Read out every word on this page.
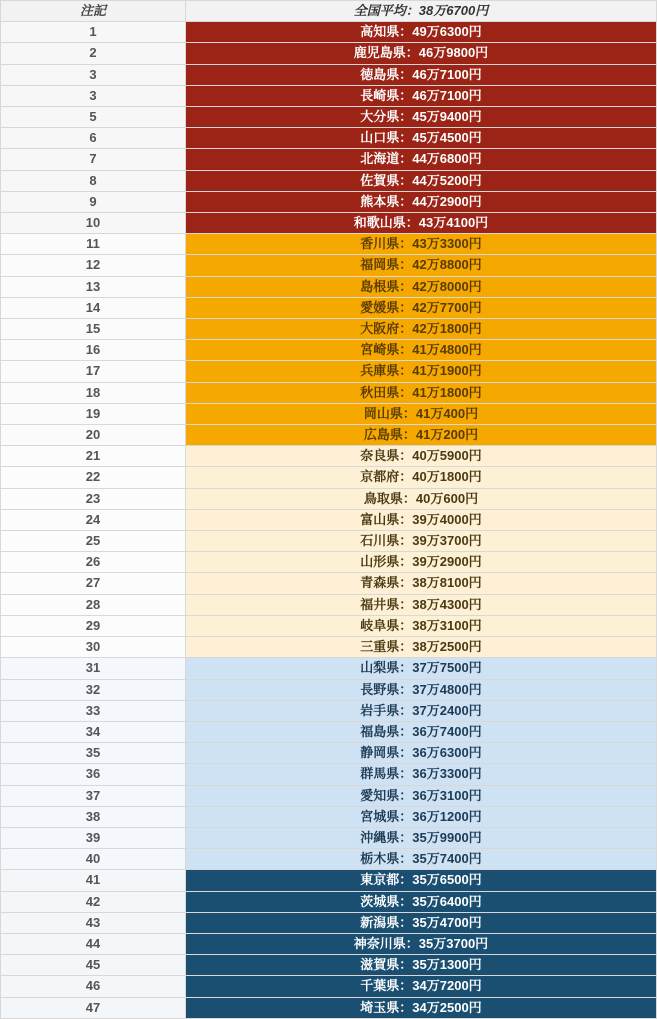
注記	全国平均：38万6700円
1	高知県：49万6300円
2	鹿児島県：46万9800円
3	徳島県：46万7100円
3	長崎県：46万7100円
5	大分県：45万9400円
6	山口県：45万4500円
7	北海道：44万6800円
8	佐賀県：44万5200円
9	熊本県：44万2900円
10	和歌山県：43万4100円
11	香川県：43万3300円
12	福岡県：42万8800円
13	島根県：42万8000円
14	愛媛県：42万7700円
15	大阪府：42万1800円
16	宮崎県：41万4800円
17	兵庫県：41万1900円
18	秋田県：41万1800円
19	岡山県：41万400円
20	広島県：41万200円
21	奈良県：40万5900円
22	京都府：40万1800円
23	鳥取県：40万600円
24	富山県：39万4000円
25	石川県：39万3700円
26	山形県：39万2900円
27	青森県：38万8100円
28	福井県：38万4300円
29	岐阜県：38万3100円
30	三重県：38万2500円
31	山梨県：37万7500円
32	長野県：37万4800円
33	岩手県：37万2400円
34	福島県：36万7400円
35	静岡県：36万6300円
36	群馬県：36万3300円
37	愛知県：36万3100円
38	宮城県：36万1200円
39	沖縄県：35万9900円
40	栃木県：35万7400円
41	東京都：35万6500円
42	茨城県：35万6400円
43	新潟県：35万4700円
44	神奈川県：35万3700円
45	滋賀県：35万1300円
46	千葉県：34万7200円
47	埼玉県：34万2500円
